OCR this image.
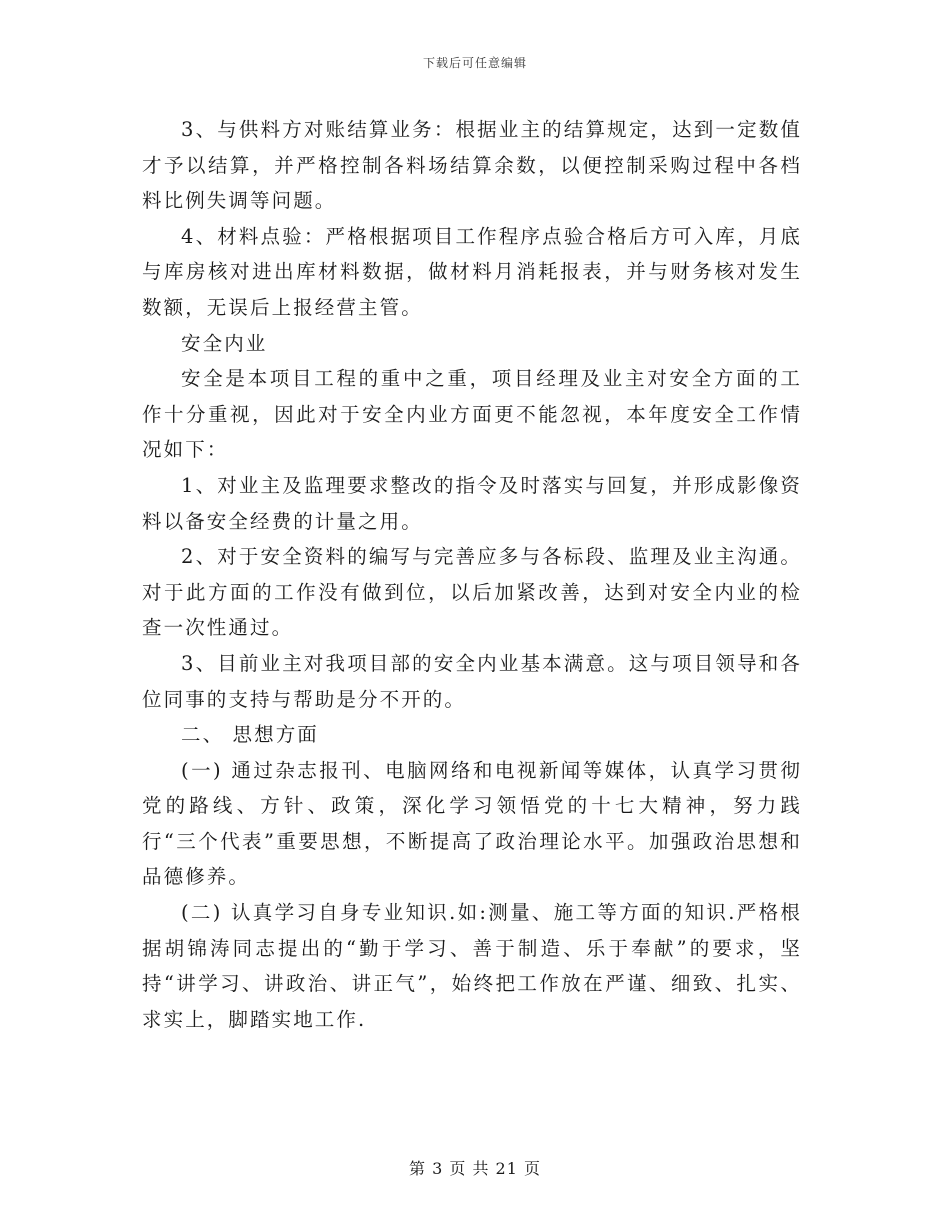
下载后可任意编辑

3、与供料方对账结算业务：根据业主的结算规定，达到一定数值才予以结算，并严格控制各料场结算余数，以便控制采购过程中各档料比例失调等问题。

4、材料点验：严格根据项目工作程序点验合格后方可入库，月底与库房核对进出库材料数据，做材料月消耗报表，并与财务核对发生数额，无误后上报经营主管。

安全内业

安全是本项目工程的重中之重，项目经理及业主对安全方面的工作十分重视，因此对于安全内业方面更不能忽视，本年度安全工作情况如下：

1、对业主及监理要求整改的指令及时落实与回复，并形成影像资料以备安全经费的计量之用。

2、对于安全资料的编写与完善应多与各标段、监理及业主沟通。对于此方面的工作没有做到位，以后加紧改善，达到对安全内业的检查一次性通过。

3、目前业主对我项目部的安全内业基本满意。这与项目领导和各位同事的支持与帮助是分不开的。

二、 思想方面

(一) 通过杂志报刊、电脑网络和电视新闻等媒体，认真学习贯彻党的路线、方针、政策，深化学习领悟党的十七大精神，努力践行“三个代表”重要思想，不断提高了政治理论水平。加强政治思想和品德修养。

(二) 认真学习自身专业知识.如:测量、施工等方面的知识.严格根据胡锦涛同志提出的“勤于学习、善于制造、乐于奉献”的要求，坚持“讲学习、讲政治、讲正气”，始终把工作放在严谨、细致、扎实、求实上，脚踏实地工作.

第 3 页 共 21 页
